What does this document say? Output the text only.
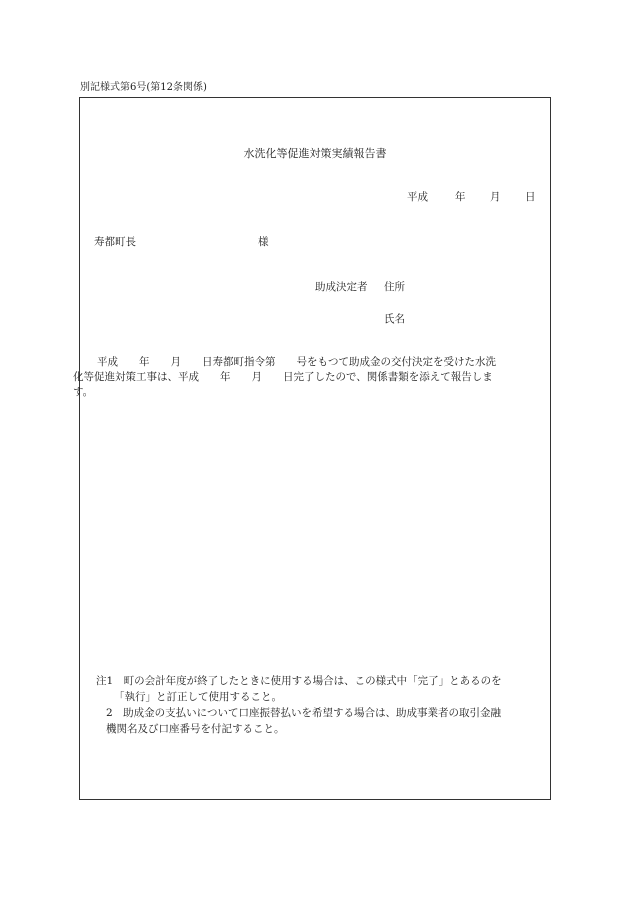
別記様式第6号(第12条関係)
水洗化等促進対策実績報告書
平成	年 月 日
寿都町長	様
助成決定者 住所
氏名
平成　　年　　月　　日寿都町指令第　　号をもつて助成金の交付決定を受けた水洗
化等促進対策工事は、平成　　年　　月　　日完了したので、関係書類を添えて報告しま
す。
注1　町の会計年度が終了したときに使用する場合は、この様式中「完了」とあるのを
「執行」と訂正して使用すること。
2　助成金の支払いについて口座振替払いを希望する場合は、助成事業者の取引金融
機関名及び口座番号を付記すること。
